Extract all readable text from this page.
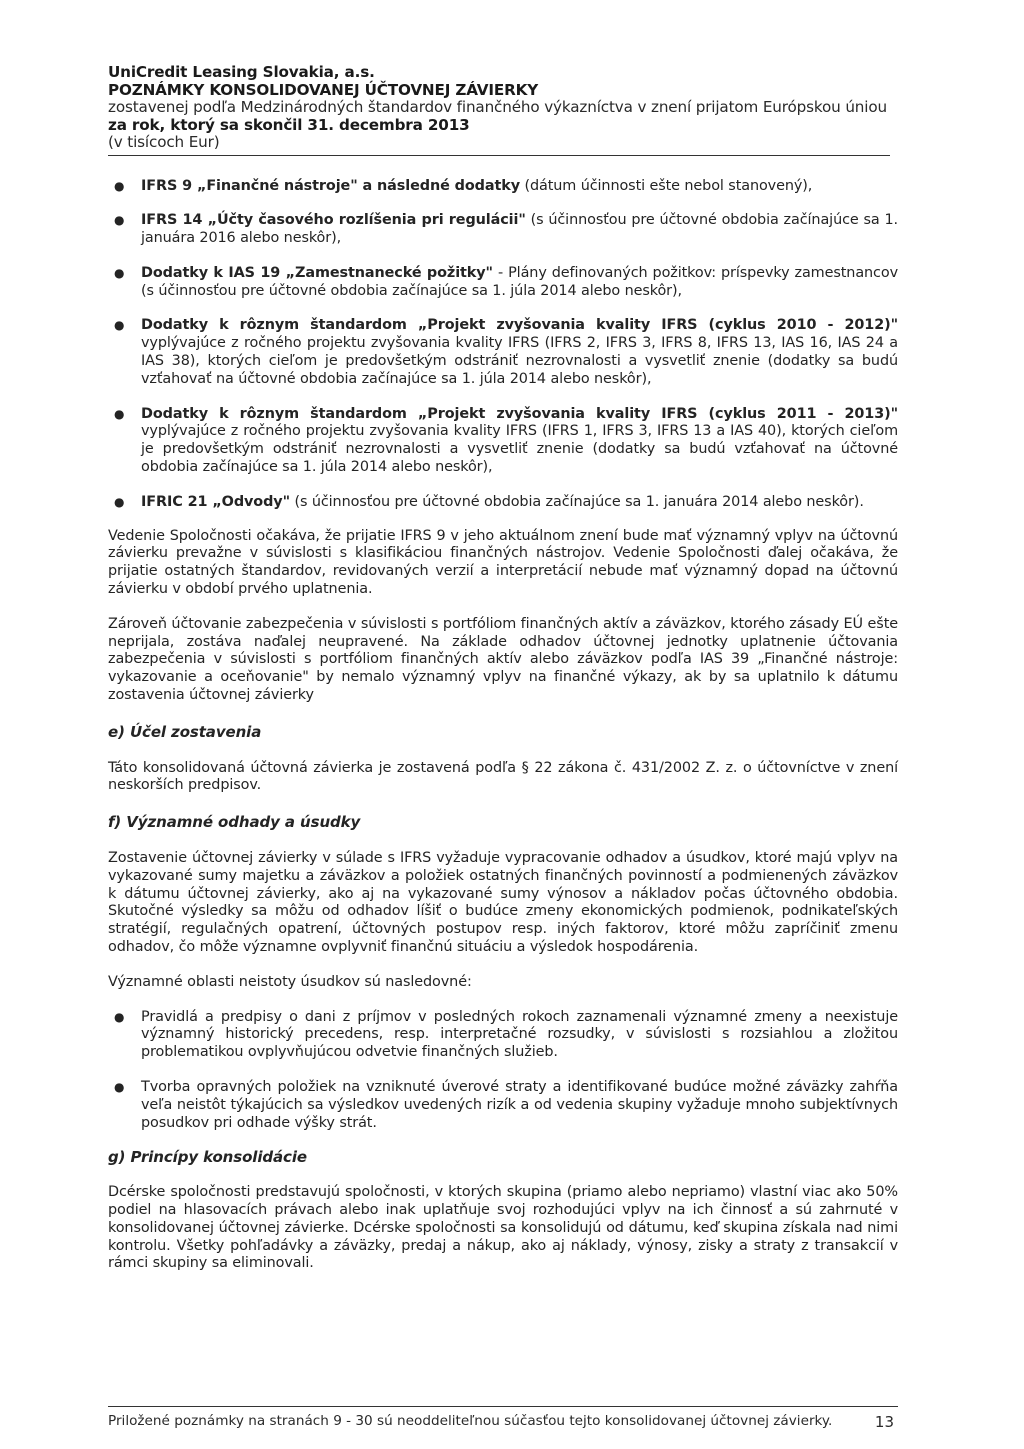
UniCredit Leasing Slovakia, a.s.
POZNÁMKY KONSOLIDOVANEJ ÚČTOVNEJ ZÁVIERKY
zostavenej podľa Medzinárodných štandardov finančného výkazníctva v znení prijatom Európskou úniou
za rok, ktorý sa skončil 31. decembra 2013
(v tisícoch Eur)
● IFRS 9 „Finančné nástroje" a následné dodatky (dátum účinnosti ešte nebol stanovený),
● IFRS 14 „Účty časového rozlíšenia pri regulácii" (s účinnosťou pre účtovné obdobia začínajúce sa 1. januára 2016 alebo neskôr),
● Dodatky k IAS 19 „Zamestnanecké požitky" - Plány definovaných požitkov: príspevky zamestnancov (s účinnosťou pre účtovné obdobia začínajúce sa 1. júla 2014 alebo neskôr),
● Dodatky k rôznym štandardom „Projekt zvyšovania kvality IFRS (cyklus 2010 - 2012)" vyplývajúce z ročného projektu zvyšovania kvality IFRS (IFRS 2, IFRS 3, IFRS 8, IFRS 13, IAS 16, IAS 24 a IAS 38), ktorých cieľom je predovšetkým odstrániť nezrovnalosti a vysvetliť znenie (dodatky sa budú vzťahovať na účtovné obdobia začínajúce sa 1. júla 2014 alebo neskôr),
● Dodatky k rôznym štandardom „Projekt zvyšovania kvality IFRS (cyklus 2011 - 2013)" vyplývajúce z ročného projektu zvyšovania kvality IFRS (IFRS 1, IFRS 3, IFRS 13 a IAS 40), ktorých cieľom je predovšetkým odstrániť nezrovnalosti a vysvetliť znenie (dodatky sa budú vzťahovať na účtovné obdobia začínajúce sa 1. júla 2014 alebo neskôr),
● IFRIC 21 „Odvody" (s účinnosťou pre účtovné obdobia začínajúce sa 1. januára 2014 alebo neskôr).

Vedenie Spoločnosti očakáva, že prijatie IFRS 9 v jeho aktuálnom znení bude mať významný vplyv na účtovnú závierku prevažne v súvislosti s klasifikáciou finančných nástrojov. Vedenie Spoločnosti ďalej očakáva, že prijatie ostatných štandardov, revidovaných verzií a interpretácií nebude mať významný dopad na účtovnú závierku v období prvého uplatnenia.

Zároveň účtovanie zabezpečenia v súvislosti s portfóliom finančných aktív a záväzkov, ktorého zásady EÚ ešte neprijala, zostáva naďalej neupravené. Na základe odhadov účtovnej jednotky uplatnenie účtovania zabezpečenia v súvislosti s portfóliom finančných aktív alebo záväzkov podľa IAS 39 „Finančné nástroje: vykazovanie a oceňovanie" by nemalo významný vplyv na finančné výkazy, ak by sa uplatnilo k dátumu zostavenia účtovnej závierky

e) Účel zostavenia

Táto konsolidovaná účtovná závierka je zostavená podľa § 22 zákona č. 431/2002 Z. z. o účtovníctve v znení neskorších predpisov.

f) Významné odhady a úsudky

Zostavenie účtovnej závierky v súlade s IFRS vyžaduje vypracovanie odhadov a úsudkov, ktoré majú vplyv na vykazované sumy majetku a záväzkov a položiek ostatných finančných povinností a podmienených záväzkov k dátumu účtovnej závierky, ako aj na vykazované sumy výnosov a nákladov počas účtovného obdobia. Skutočné výsledky sa môžu od odhadov líšiť o budúce zmeny ekonomických podmienok, podnikateľských stratégií, regulačných opatrení, účtovných postupov resp. iných faktorov, ktoré môžu zapríčiniť zmenu odhadov, čo môže významne ovplyvniť finančnú situáciu a výsledok hospodárenia.

Významné oblasti neistoty úsudkov sú nasledovné:

● Pravidlá a predpisy o dani z príjmov v posledných rokoch zaznamenali významné zmeny a neexistuje významný historický precedens, resp. interpretačné rozsudky, v súvislosti s rozsiahlou a zložitou problematikou ovplyvňujúcou odvetvie finančných služieb.
● Tvorba opravných položiek na vzniknuté úverové straty a identifikované budúce možné záväzky zahŕňa veľa neistôt týkajúcich sa výsledkov uvedených rizík a od vedenia skupiny vyžaduje mnoho subjektívnych posudkov pri odhade výšky strát.

g) Princípy konsolidácie

Dcérske spoločnosti predstavujú spoločnosti, v ktorých skupina (priamo alebo nepriamo) vlastní viac ako 50% podiel na hlasovacích právach alebo inak uplatňuje svoj rozhodujúci vplyv na ich činnosť a sú zahrnuté v konsolidovanej účtovnej závierke. Dcérske spoločnosti sa konsolidujú od dátumu, keď skupina získala nad nimi kontrolu. Všetky pohľadávky a záväzky, predaj a nákup, ako aj náklady, výnosy, zisky a straty z transakcií v rámci skupiny sa eliminovali.

Priložené poznámky na stranách 9 - 30 sú neoddeliteľnou súčasťou tejto konsolidovanej účtovnej závierky.	13
